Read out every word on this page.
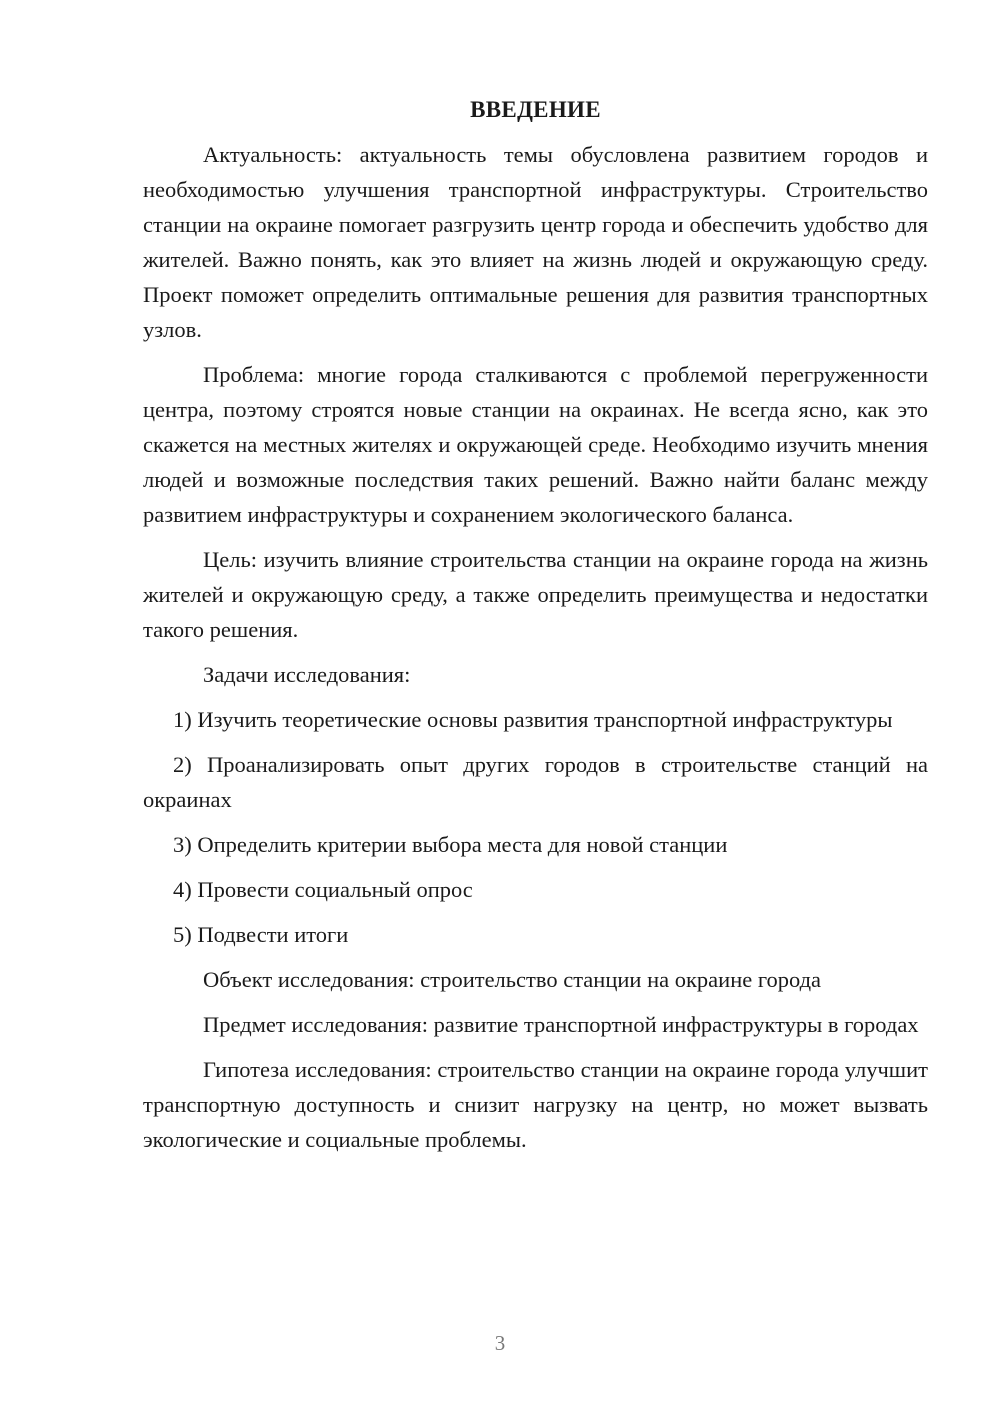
ВВЕДЕНИЕ

Актуальность: актуальность темы обусловлена развитием городов и необходимостью улучшения транспортной инфраструктуры. Строительство станции на окраине помогает разгрузить центр города и обеспечить удобство для жителей. Важно понять, как это влияет на жизнь людей и окружающую среду. Проект поможет определить оптимальные решения для развития транспортных узлов.

Проблема: многие города сталкиваются с проблемой перегруженности центра, поэтому строятся новые станции на окраинах. Не всегда ясно, как это скажется на местных жителях и окружающей среде. Необходимо изучить мнения людей и возможные последствия таких решений. Важно найти баланс между развитием инфраструктуры и сохранением экологического баланса.

Цель: изучить влияние строительства станции на окраине города на жизнь жителей и окружающую среду, а также определить преимущества и недостатки такого решения.

Задачи исследования:

1) Изучить теоретические основы развития транспортной инфраструктуры

2) Проанализировать опыт других городов в строительстве станций на окраинах

3) Определить критерии выбора места для новой станции

4) Провести социальный опрос

5) Подвести итоги

Объект исследования: строительство станции на окраине города

Предмет исследования: развитие транспортной инфраструктуры в городах

Гипотеза исследования: строительство станции на окраине города улучшит транспортную доступность и снизит нагрузку на центр, но может вызвать экологические и социальные проблемы.

3
